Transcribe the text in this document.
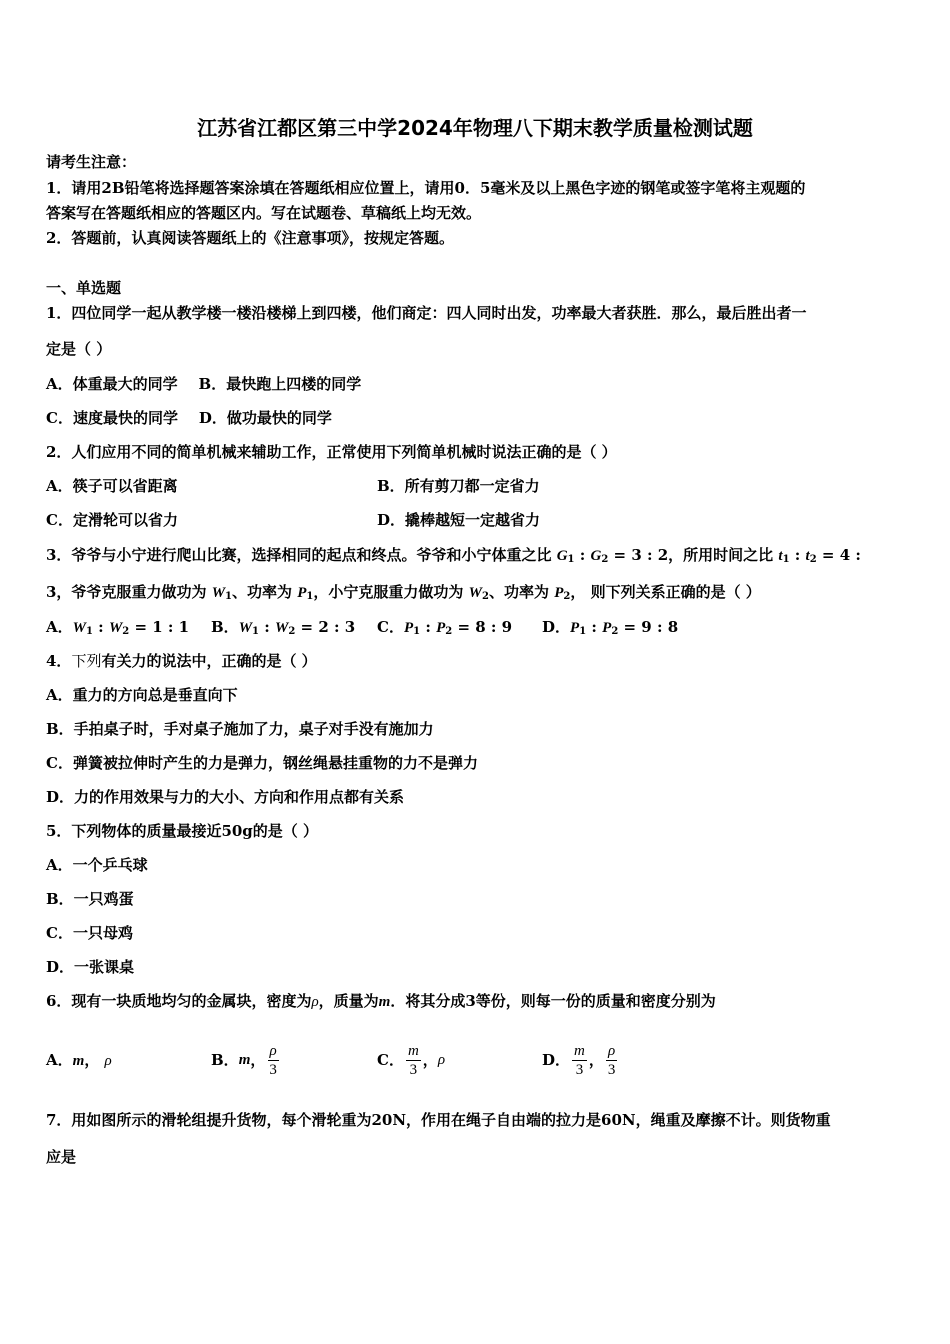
江苏省江都区第三中学2024年物理八下期末教学质量检测试题
请考生注意：
1．请用2B铅笔将选择题答案涂填在答题纸相应位置上，请用0．5毫米及以上黑色字迹的钢笔或签字笔将主观题的
答案写在答题纸相应的答题区内。写在试题卷、草稿纸上均无效。
2．答题前，认真阅读答题纸上的《注意事项》，按规定答题。
一、单选题
1．四位同学一起从教学楼一楼沿楼梯上到四楼，他们商定：四人同时出发，功率最大者获胜．那么，最后胜出者一
定是（ ）
A．体重最大的同学    B．最快跑上四楼的同学
C．速度最快的同学    D．做功最快的同学
2．人们应用不同的简单机械来辅助工作，正常使用下列简单机械时说法正确的是（ ）
A．筷子可以省距离	B．所有剪刀都一定省力
C．定滑轮可以省力	D．撬棒越短一定越省力
3．爷爷与小宁进行爬山比赛，选择相同的起点和终点。爷爷和小宁体重之比 $G_1$ : $G_2 = 3$ : 2，所用时间之比 $t_1$ : $t_2 = 4$ :
3，爷爷克服重力做功为 $W_1$、功率为 $P_1$，小宁克服重力做功为 $W_2$、功率为 $P_2$， 则下列关系正确的是（ ）
A．$W_1$ : $W_2 = 1$ : 1 B．$W_1$ : $W_2 = 2$ : 3 C．$P_1$ : $P_2 = 8$ : 9 D．$P_1$ : $P_2 = 9$ : 8
4．下列有关力的说法中，正确的是（ ）
A．重力的方向总是垂直向下
B．手拍桌子时，手对桌子施加了力，桌子对手没有施加力
C．弹簧被拉伸时产生的力是弹力，钢丝绳悬挂重物的力不是弹力
D．力的作用效果与力的大小、方向和作用点都有关系
5．下列物体的质量最接近50g的是（ ）
A．一个乒乓球
B．一只鸡蛋
C．一只母鸡
D．一张课桌
6．现有一块质地均匀的金属块，密度为ρ，质量为m．将其分成3等份，则每一份的质量和密度分别为
A．m， ρ	B． m ， $\frac{\rho}{3}$	C． $\frac{m}{3}$ ， ρ	D． $\frac{m}{3}$ ， $\frac{\rho}{3}$
7．用如图所示的滑轮组提升货物，每个滑轮重为20N，作用在绳子自由端的拉力是60N，绳重及摩擦不计。则货物重
应是
